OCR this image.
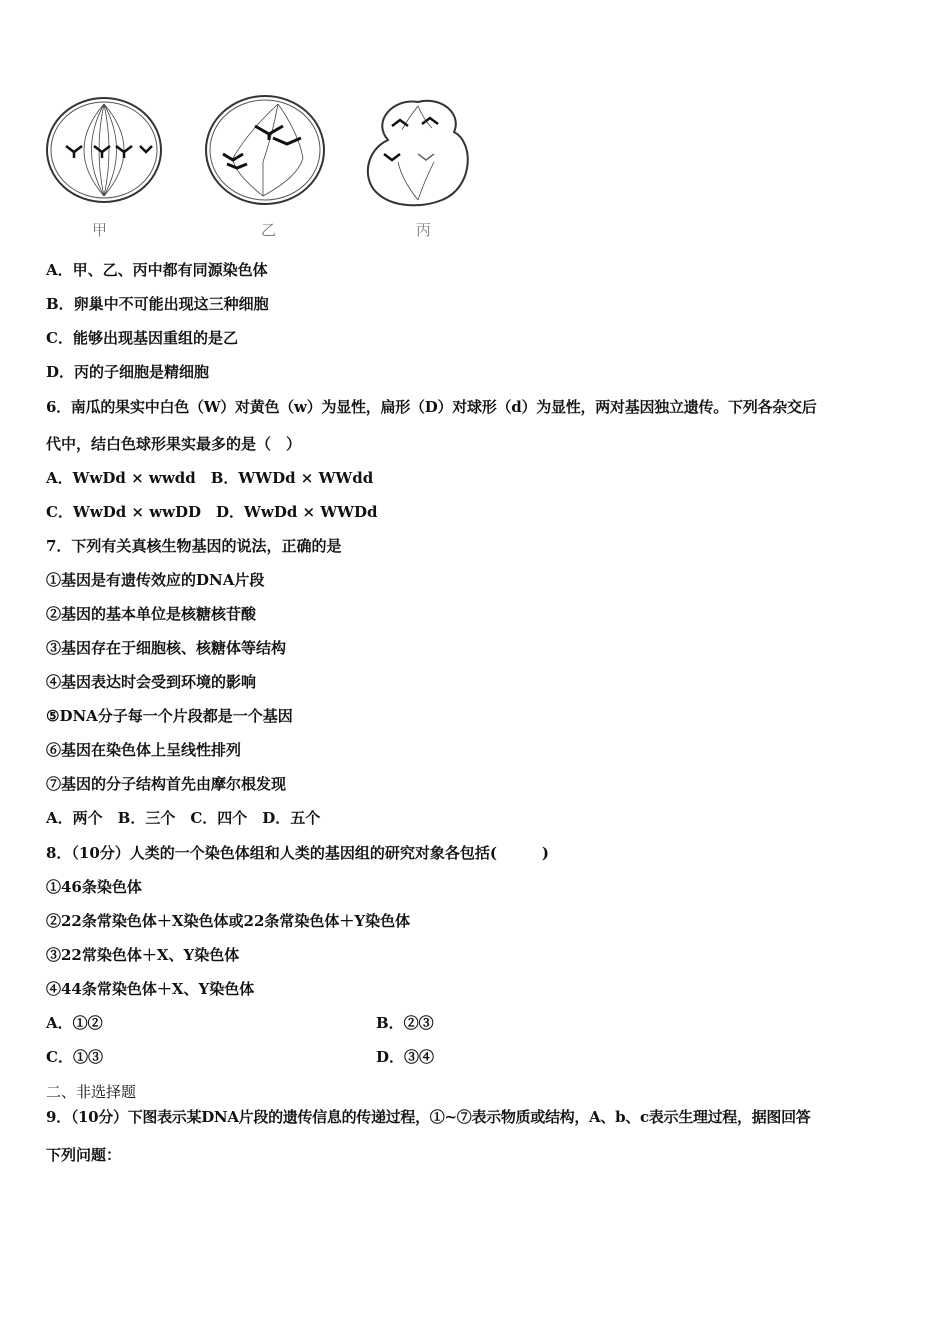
甲	乙	丙
A．甲、乙、丙中都有同源染色体
B．卵巢中不可能出现这三种细胞
C．能够出现基因重组的是乙
D．丙的子细胞是精细胞
6．南瓜的果实中白色（W）对黄色（w）为显性，扁形（D）对球形（d）为显性，两对基因独立遗传。下列各杂交后
代中，结白色球形果实最多的是（　）
A．WwDd × wwdd　B．WWDd × WWdd
C．WwDd × wwDD　D．WwDd × WWDd
7．下列有关真核生物基因的说法，正确的是
①基因是有遗传效应的DNA片段
②基因的基本单位是核糖核苷酸
③基因存在于细胞核、核糖体等结构
④基因表达时会受到环境的影响
⑤DNA分子每一个片段都是一个基因
⑥基因在染色体上呈线性排列
⑦基因的分子结构首先由摩尔根发现
A．两个　B．三个　C．四个　D．五个
8．（10分）人类的一个染色体组和人类的基因组的研究对象各包括(　　　)
①46条染色体
②22条常染色体＋X染色体或22条常染色体＋Y染色体
③22常染色体＋X、Y染色体
④44条常染色体＋X、Y染色体
A．①②	B．②③
C．①③	D．③④
二、非选择题
9．（10分）下图表示某DNA片段的遗传信息的传递过程，①~⑦表示物质或结构，A、b、c表示生理过程，据图回答
下列问题：
